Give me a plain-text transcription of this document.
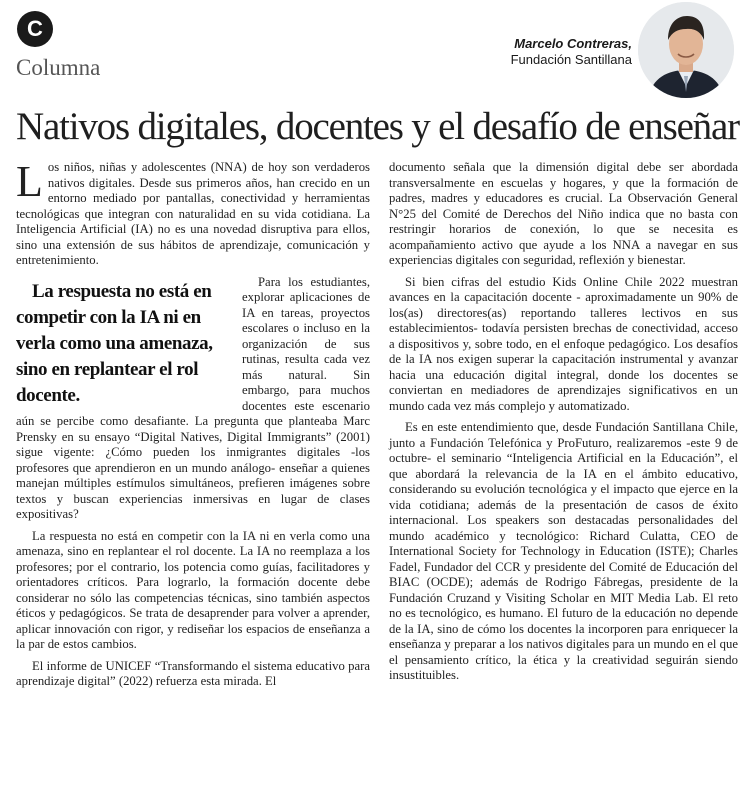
C
Columna
Marcelo Contreras,
Fundación Santillana
Nativos digitales, docentes y el desafío de enseñar

Los niños, niñas y adolescentes (NNA) de hoy son verdaderos nativos digitales. Desde sus primeros años, han crecido en un entorno mediado por pantallas, conectividad y herramientas tecnológicas que integran con naturalidad en su vida cotidiana. La Inteligencia Artificial (IA) no es una novedad disruptiva para ellos, sino una extensión de sus hábitos de aprendizaje, comunicación y entretenimiento.

La respuesta no está en competir con la IA ni en verla como una amenaza, sino en replantear el rol docente.
Para los estudiantes, explorar aplicaciones de IA en tareas, proyectos escolares o incluso en la organización de sus rutinas, resulta cada vez más natural. Sin embargo, para muchos docentes este escenario aún se percibe como desafiante. La pregunta que planteaba Marc Prensky en su ensayo “Digital Natives, Digital Immigrants” (2001) sigue vigente: ¿Cómo pueden los inmigrantes digitales -los profesores que aprendieron en un mundo análogo- enseñar a quienes manejan múltiples estímulos simultáneos, prefieren imágenes sobre textos y buscan experiencias inmersivas en lugar de clases expositivas?

La respuesta no está en competir con la IA ni en verla como una amenaza, sino en replantear el rol docente. La IA no reemplaza a los profesores; por el contrario, los potencia como guías, facilitadores y orientadores críticos. Para lograrlo, la formación docente debe considerar no sólo las competencias técnicas, sino también aspectos éticos y pedagógicos. Se trata de desaprender para volver a aprender, aplicar innovación con rigor, y rediseñar los espacios de enseñanza a la par de estos cambios.

El informe de UNICEF “Transformando el sistema educativo para aprendizaje digital” (2022) refuerza esta mirada. El

documento señala que la dimensión digital debe ser abordada transversalmente en escuelas y hogares, y que la formación de padres, madres y educadores es crucial. La Observación General N°25 del Comité de Derechos del Niño indica que no basta con restringir horarios de conexión, lo que se necesita es acompañamiento activo que ayude a los NNA a navegar en sus experiencias digitales con seguridad, reflexión y bienestar.

Si bien cifras del estudio Kids Online Chile 2022 muestran avances en la capacitación docente - aproximadamente un 90% de los(as) directores(as) reportando talleres lectivos en sus establecimientos- todavía persisten brechas de conectividad, acceso a dispositivos y, sobre todo, en el enfoque pedagógico. Los desafíos de la IA nos exigen superar la capacitación instrumental y avanzar hacia una educación digital integral, donde los docentes se conviertan en mediadores de aprendizajes significativos en un mundo cada vez más complejo y automatizado.

Es en este entendimiento que, desde Fundación Santillana Chile, junto a Fundación Telefónica y ProFuturo, realizaremos -este 9 de octubre- el seminario “Inteligencia Artificial en la Educación”, el que abordará la relevancia de la IA en el ámbito educativo, considerando su evolución tecnológica y el impacto que ejerce en la vida cotidiana; además de la presentación de casos de éxito internacional. Los speakers son destacadas personalidades del mundo académico y tecnológico: Richard Culatta, CEO de International Society for Technology in Education (ISTE); Charles Fadel, Fundador del CCR y presidente del Comité de Educación del BIAC (OCDE); además de Rodrigo Fábregas, presidente de la Fundación Cruzand y Visiting Scholar en MIT Media Lab. El reto no es tecnológico, es humano. El futuro de la educación no depende de la IA, sino de cómo los docentes la incorporen para enriquecer la enseñanza y preparar a los nativos digitales para un mundo en el que el pensamiento crítico, la ética y la creatividad seguirán siendo insustituibles.
